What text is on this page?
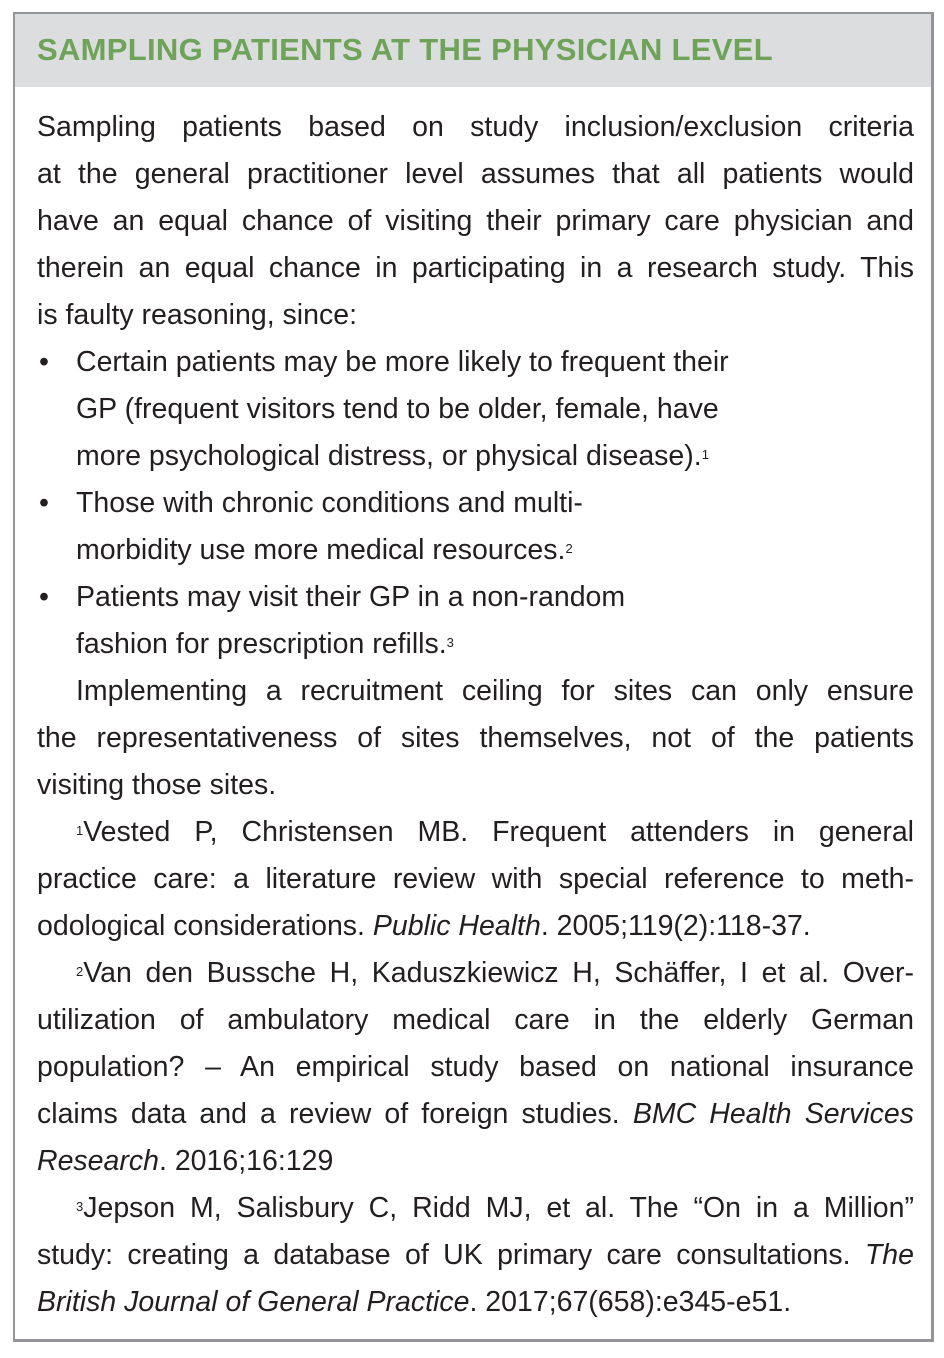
SAMPLING PATIENTS AT THE PHYSICIAN LEVEL
Sampling patients based on study inclusion/exclusion criteria
at the general practitioner level assumes that all patients would
have an equal chance of visiting their primary care physician and
therein an equal chance in participating in a research study. This
is faulty reasoning, since:
• Certain patients may be more likely to frequent their
GP (frequent visitors tend to be older, female, have
more psychological distress, or physical disease).$^1$
• Those with chronic conditions and multi-
morbidity use more medical resources.$^2$
• Patients may visit their GP in a non-random
fashion for prescription refills.$^3$
Implementing a recruitment ceiling for sites can only ensure
the representativeness of sites themselves, not of the patients
visiting those sites.
$^1$Vested P, Christensen MB. Frequent attenders in general
practice care: a literature review with special reference to meth-
odological considerations. Public Health. 2005;119(2):118-37.
$^2$Van den Bussche H, Kaduszkiewicz H, Schäffer, I et al. Over-
utilization of ambulatory medical care in the elderly German
population? – An empirical study based on national insurance
claims data and a review of foreign studies. BMC Health Services
Research. 2016;16:129
$^3$Jepson M, Salisbury C, Ridd MJ, et al. The “On in a Million”
study: creating a database of UK primary care consultations. The
British Journal of General Practice. 2017;67(658):e345-e51.
